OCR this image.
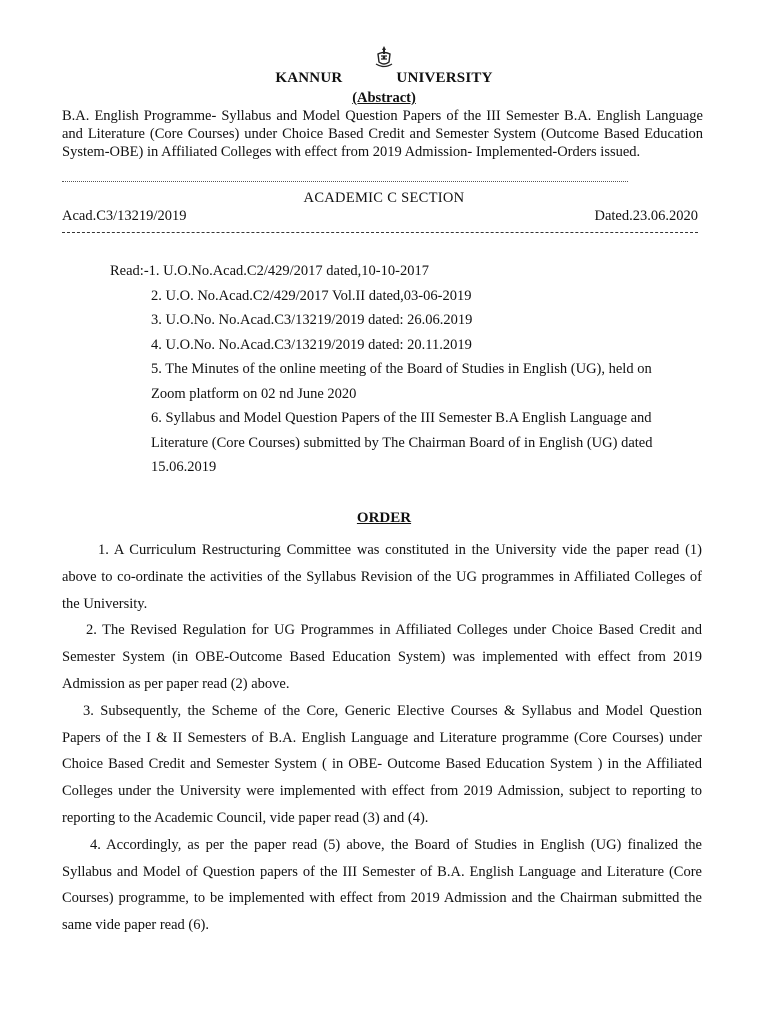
KANNUR	UNIVERSITY
(Abstract)
B.A. English Programme- Syllabus and Model Question Papers of the III Semester B.A. English Language and Literature (Core Courses) under Choice Based Credit and Semester System (Outcome Based Education System-OBE) in Affiliated Colleges with effect from 2019 Admission- Implemented-Orders issued.
ACADEMIC C SECTION
Acad.C3/13219/2019	Dated.23.06.2020
Read:-1. U.O.No.Acad.C2/429/2017 dated,10-10-2017
2. U.O. No.Acad.C2/429/2017 Vol.II dated,03-06-2019
3. U.O.No. No.Acad.C3/13219/2019 dated: 26.06.2019
4. U.O.No. No.Acad.C3/13219/2019 dated: 20.11.2019
5. The Minutes of the online meeting of the Board of Studies in English (UG), held on Zoom platform on 02 nd June 2020
6. Syllabus and Model Question Papers of the III Semester B.A English Language and Literature (Core Courses) submitted by The Chairman Board of in English (UG) dated 15.06.2019
ORDER

1. A Curriculum Restructuring Committee was constituted in the University vide the paper read (1) above to co-ordinate the activities of the Syllabus Revision of the UG programmes in Affiliated Colleges of the University.

2. The Revised Regulation for UG Programmes in Affiliated Colleges under Choice Based Credit and Semester System (in OBE-Outcome Based Education System) was implemented with effect from 2019 Admission as per paper read (2) above.

3. Subsequently, the Scheme of the Core, Generic Elective Courses & Syllabus and Model Question Papers of the I & II Semesters of B.A. English Language and Literature programme (Core Courses) under Choice Based Credit and Semester System ( in OBE- Outcome Based Education System ) in the Affiliated Colleges under the University were implemented with effect from 2019 Admission, subject to reporting to reporting to the Academic Council, vide paper read (3) and (4).

4. Accordingly, as per the paper read (5) above, the Board of Studies in English (UG) finalized the Syllabus and Model of Question papers of the III Semester of B.A. English Language and Literature (Core Courses) programme, to be implemented with effect from 2019 Admission and the Chairman submitted the same vide paper read (6).
